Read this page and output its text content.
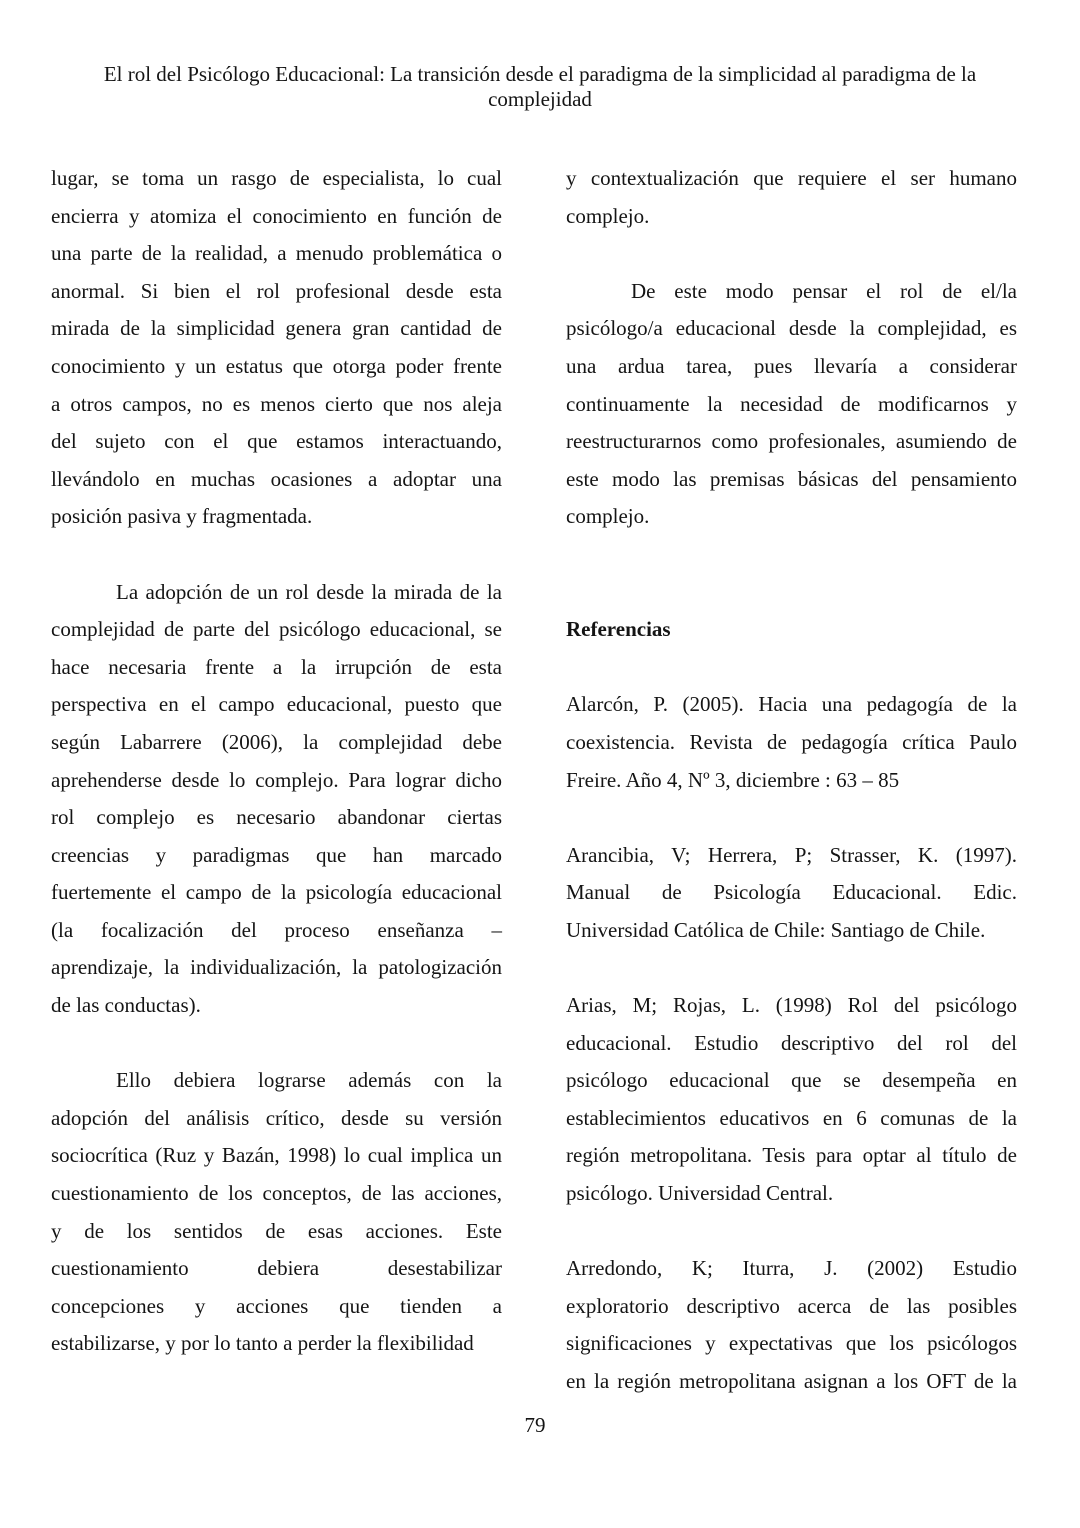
El rol del Psicólogo Educacional: La transición desde el paradigma de la simplicidad al paradigma de la
complejidad
lugar, se toma un rasgo de especialista, lo cual
encierra y atomiza el conocimiento en función de
una parte de la realidad, a menudo problemática o
anormal. Si bien el rol profesional desde esta
mirada de la simplicidad genera gran cantidad de
conocimiento y un estatus que otorga poder frente
a otros campos, no es menos cierto que nos aleja
del sujeto con el que estamos interactuando,
llevándolo en muchas ocasiones a adoptar una
posición pasiva y fragmentada.
La adopción de un rol desde la mirada de la
complejidad de parte del psicólogo educacional, se
hace necesaria frente a la irrupción de esta
perspectiva en el campo educacional, puesto que
según Labarrere (2006), la complejidad debe
aprehenderse desde lo complejo. Para lograr dicho
rol complejo es necesario abandonar ciertas
creencias y paradigmas que han marcado
fuertemente el campo de la psicología educacional
(la focalización del proceso enseñanza –
aprendizaje, la individualización, la patologización
de las conductas).
Ello debiera lograrse además con la
adopción del análisis crítico, desde su versión
sociocrítica (Ruz y Bazán, 1998) lo cual implica un
cuestionamiento de los conceptos, de las acciones,
y de los sentidos de esas acciones. Este
cuestionamiento debiera desestabilizar
concepciones y acciones que tienden a
estabilizarse, y por lo tanto a perder la flexibilidad
y contextualización que requiere el ser humano
complejo.
De este modo pensar el rol de el/la
psicólogo/a educacional desde la complejidad, es
una ardua tarea, pues llevaría a considerar
continuamente la necesidad de modificarnos y
reestructurarnos como profesionales, asumiendo de
este modo las premisas básicas del pensamiento
complejo.
Referencias
Alarcón, P. (2005). Hacia una pedagogía de la
coexistencia. Revista de pedagogía crítica Paulo
Freire. Año 4, Nº 3, diciembre : 63 – 85
Arancibia, V; Herrera, P; Strasser, K. (1997).
Manual de Psicología Educacional. Edic.
Universidad Católica de Chile: Santiago de Chile.
Arias, M; Rojas, L. (1998) Rol del psicólogo
educacional. Estudio descriptivo del rol del
psicólogo educacional que se desempeña en
establecimientos educativos en 6 comunas de la
región metropolitana. Tesis para optar al título de
psicólogo. Universidad Central.
Arredondo, K; Iturra, J. (2002) Estudio
exploratorio descriptivo acerca de las posibles
significaciones y expectativas que los psicólogos
en la región metropolitana asignan a los OFT de la
79
